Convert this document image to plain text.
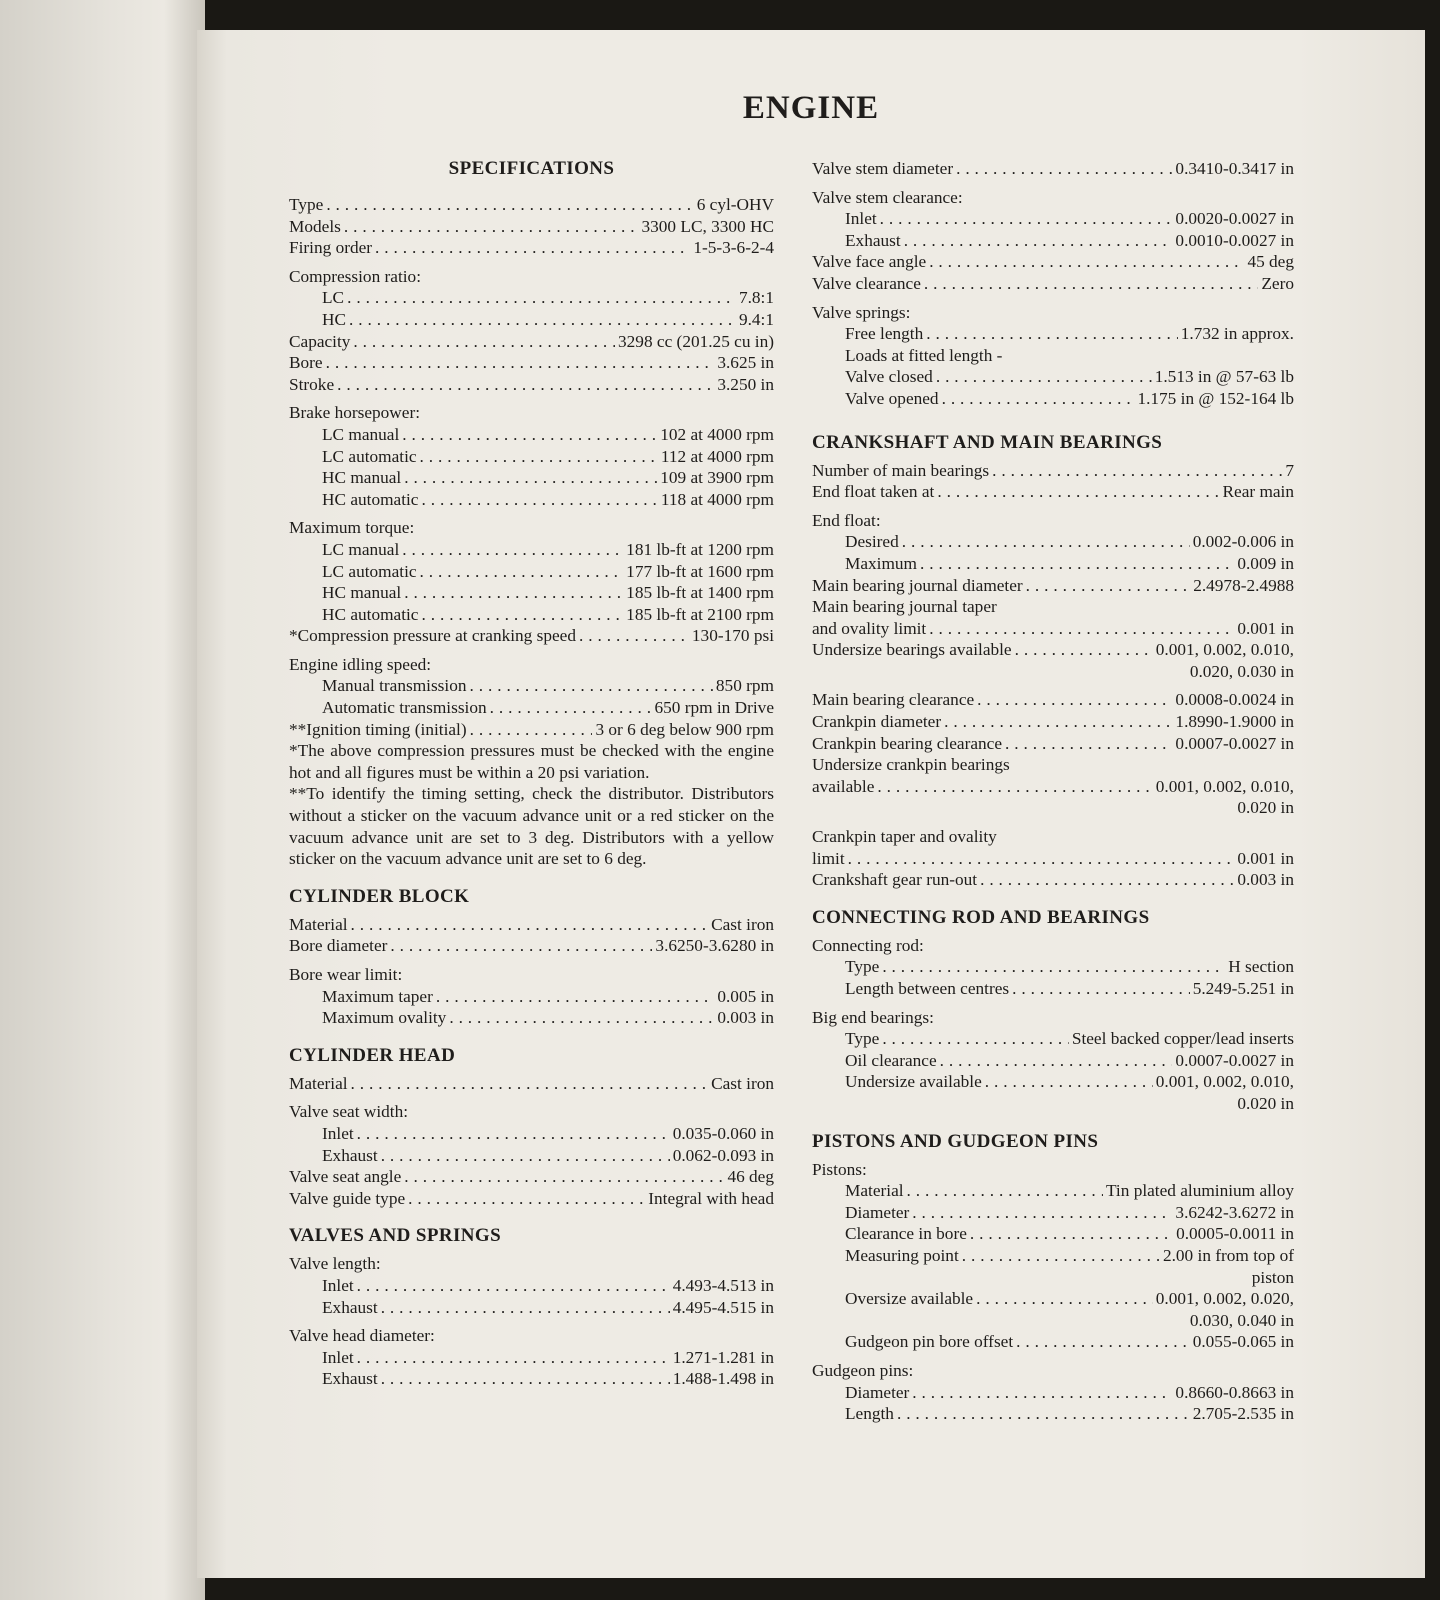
ENGINE
SPECIFICATIONS
Type . . .	6 cyl-OHV
Models . . .	3300 LC, 3300 HC
Firing order . . .	1-5-3-6-2-4
Compression ratio:
LC . . .	7.8:1
HC . . .	9.4:1
Capacity . . .	3298 cc (201.25 cu in)
Bore . . .	3.625 in
Stroke . . .	3.250 in
Brake horsepower:
LC manual . . .	102 at 4000 rpm
LC automatic . . .	112 at 4000 rpm
HC manual . . .	109 at 3900 rpm
HC automatic . . .	118 at 4000 rpm
Maximum torque:
LC manual . . .	181 lb-ft at 1200 rpm
LC automatic . . .	177 lb-ft at 1600 rpm
HC manual . . .	185 lb-ft at 1400 rpm
HC automatic . . .	185 lb-ft at 2100 rpm
*Compression pressure at cranking speed . . .	130-170 psi
Engine idling speed:
Manual transmission . . .	850 rpm
Automatic transmission . . .	650 rpm in Drive
**Ignition timing (initial) . . .	3 or 6 deg below 900 rpm
*The above compression pressures must be checked with the engine hot and all figures must be within a 20 psi variation.
**To identify the timing setting, check the distributor. Distributors without a sticker on the vacuum advance unit or a red sticker on the vacuum advance unit are set to 3 deg. Distributors with a yellow sticker on the vacuum advance unit are set to 6 deg.
CYLINDER BLOCK
Material . . .	Cast iron
Bore diameter . . .	3.6250-3.6280 in
Bore wear limit:
Maximum taper . . .	0.005 in
Maximum ovality . . .	0.003 in
CYLINDER HEAD
Material . . .	Cast iron
Valve seat width:
Inlet . . .	0.035-0.060 in
Exhaust . . .	0.062-0.093 in
Valve seat angle . . .	46 deg
Valve guide type . . .	Integral with head
VALVES AND SPRINGS
Valve length:
Inlet . . .	4.493-4.513 in
Exhaust . . .	4.495-4.515 in
Valve head diameter:
Inlet . . .	1.271-1.281 in
Exhaust . . .	1.488-1.498 in
Valve stem diameter . . .	0.3410-0.3417 in
Valve stem clearance:
Inlet . . .	0.0020-0.0027 in
Exhaust . . .	0.0010-0.0027 in
Valve face angle . . .	45 deg
Valve clearance . . .	Zero
Valve springs:
Free length . . .	1.732 in approx.
Loads at fitted length -
Valve closed . . .	1.513 in @ 57-63 lb
Valve opened . . .	1.175 in @ 152-164 lb
CRANKSHAFT AND MAIN BEARINGS
Number of main bearings . . .	7
End float taken at . . .	Rear main
End float:
Desired . . .	0.002-0.006 in
Maximum . . .	0.009 in
Main bearing journal diameter . . .	2.4978-2.4988
Main bearing journal taper
and ovality limit . . .	0.001 in
Undersize bearings available . . .	0.001, 0.002, 0.010,
0.020, 0.030 in
Main bearing clearance . . .	0.0008-0.0024 in
Crankpin diameter . . .	1.8990-1.9000 in
Crankpin bearing clearance . . .	0.0007-0.0027 in
Undersize crankpin bearings
available . . .	0.001, 0.002, 0.010,
0.020 in
Crankpin taper and ovality
limit . . .	0.001 in
Crankshaft gear run-out . . .	0.003 in
CONNECTING ROD AND BEARINGS
Connecting rod:
Type . . .	H section
Length between centres . . .	5.249-5.251 in
Big end bearings:
Type . . .	Steel backed copper/lead inserts
Oil clearance . . .	0.0007-0.0027 in
Undersize available . . .	0.001, 0.002, 0.010,
0.020 in
PISTONS AND GUDGEON PINS
Pistons:
Material . . .	Tin plated aluminium alloy
Diameter . . .	3.6242-3.6272 in
Clearance in bore . . .	0.0005-0.0011 in
Measuring point . . .	2.00 in from top of
piston
Oversize available . . .	0.001, 0.002, 0.020,
0.030, 0.040 in
Gudgeon pin bore offset . . .	0.055-0.065 in
Gudgeon pins:
Diameter . . .	0.8660-0.8663 in
Length . . .	2.705-2.535 in
